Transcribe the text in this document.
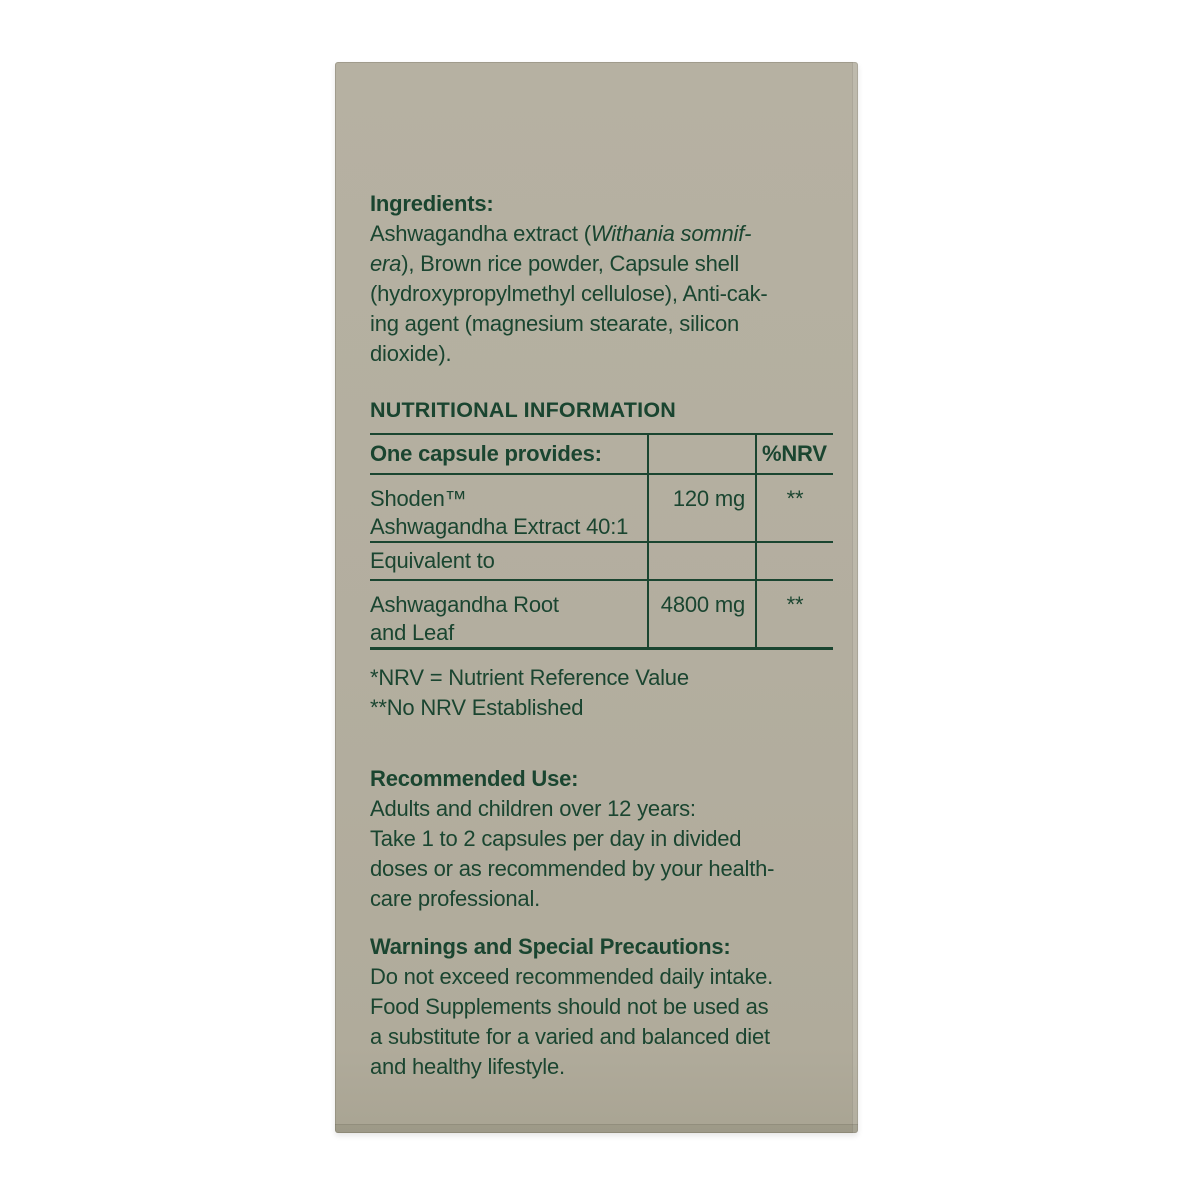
Ingredients:
Ashwagandha extract (Withania somnif-
era), Brown rice powder, Capsule shell
(hydroxypropylmethyl cellulose), Anti-cak-
ing agent (magnesium stearate, silicon
dioxide).
NUTRITIONAL INFORMATION
One capsule provides:		%NRV

Shoden™
Ashwagandha Extract 40:1	120 mg	**
Equivalent to		

Ashwagandha Root
and Leaf	4800 mg	**
*NRV = Nutrient Reference Value
**No NRV Established
Recommended Use:
Adults and children over 12 years:
Take 1 to 2 capsules per day in divided
doses or as recommended by your health-
care professional.
Warnings and Special Precautions:
Do not exceed recommended daily intake.
Food Supplements should not be used as
a substitute for a varied and balanced diet
and healthy lifestyle.
